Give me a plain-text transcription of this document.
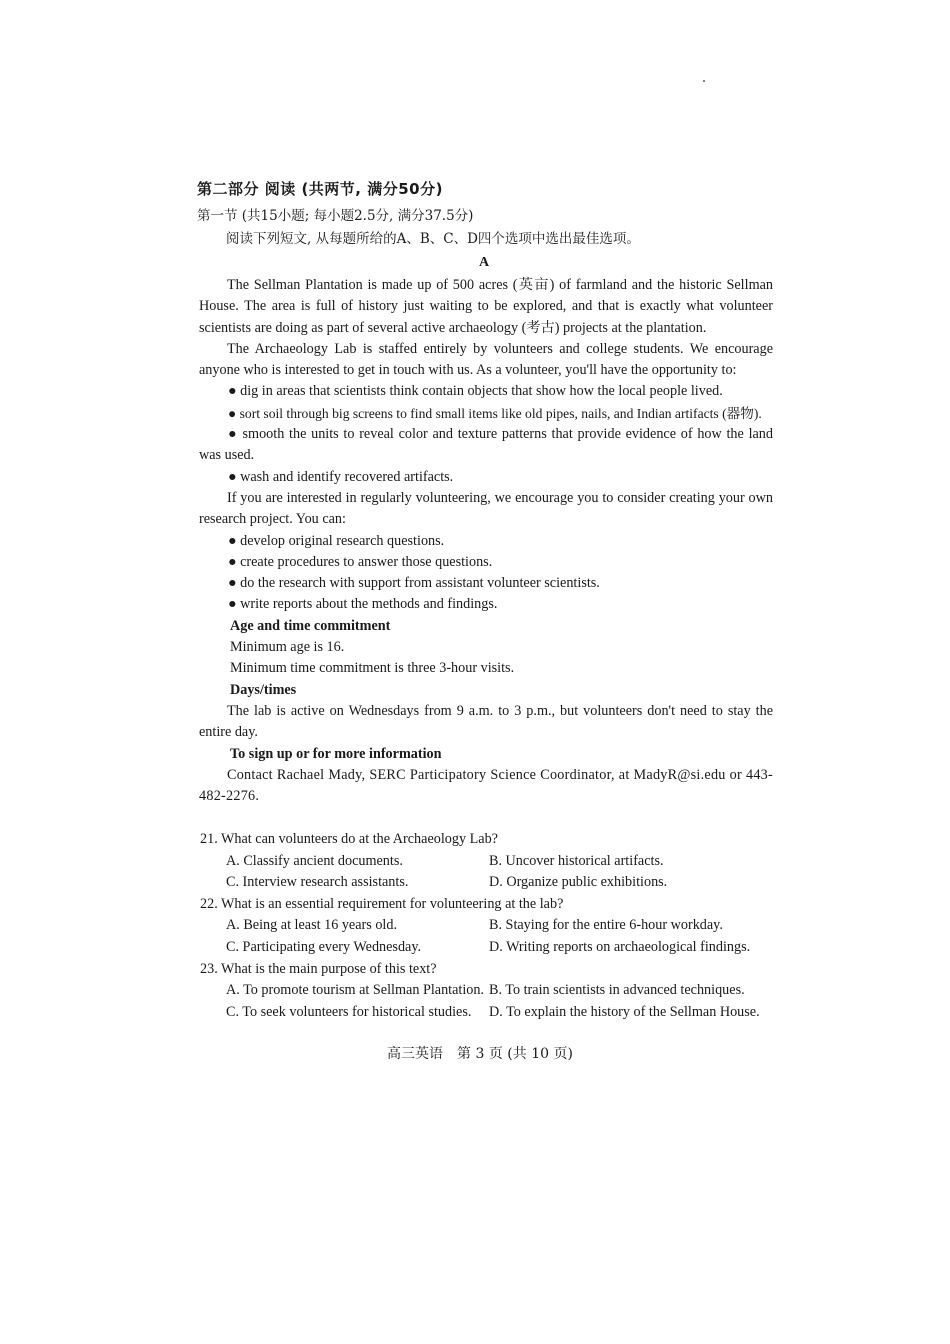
第二部分 阅读 (共两节, 满分50分)
第一节 (共15小题; 每小题2.5分, 满分37.5分)
阅读下列短文, 从每题所给的A、B、C、D四个选项中选出最佳选项。
A

The Sellman Plantation is made up of 500 acres (英亩) of farmland and the historic Sellman House. The area is full of history just waiting to be explored, and that is exactly what volunteer scientists are doing as part of several active archaeology (考古) projects at the plantation.

The Archaeology Lab is staffed entirely by volunteers and college students. We encourage anyone who is interested to get in touch with us. As a volunteer, you'll have the opportunity to:

● dig in areas that scientists think contain objects that show how the local people lived.

● sort soil through big screens to find small items like old pipes, nails, and Indian artifacts (器物).

● smooth the units to reveal color and texture patterns that provide evidence of how the land was used.

● wash and identify recovered artifacts.

If you are interested in regularly volunteering, we encourage you to consider creating your own research project. You can:

● develop original research questions.

● create procedures to answer those questions.

● do the research with support from assistant volunteer scientists.

● write reports about the methods and findings.

Age and time commitment

Minimum age is 16.

Minimum time commitment is three 3-hour visits.

Days/times

The lab is active on Wednesdays from 9 a.m. to 3 p.m., but volunteers don't need to stay the entire day.

To sign up or for more information

Contact Rachael Mady, SERC Participatory Science Coordinator, at MadyR@si.edu or 443-482-2276.

21. What can volunteers do at the Archaeology Lab?

A. Classify ancient documents.	B. Uncover historical artifacts.
C. Interview research assistants.	D. Organize public exhibitions.

22. What is an essential requirement for volunteering at the lab?

A. Being at least 16 years old.	B. Staying for the entire 6-hour workday.
C. Participating every Wednesday.	D. Writing reports on archaeological findings.

23. What is the main purpose of this text?

A. To promote tourism at Sellman Plantation. B. To train scientists in advanced techniques.
C. To seek volunteers for historical studies.	D. To explain the history of the Sellman House.
高三英语　第 3 页 (共 10 页)
